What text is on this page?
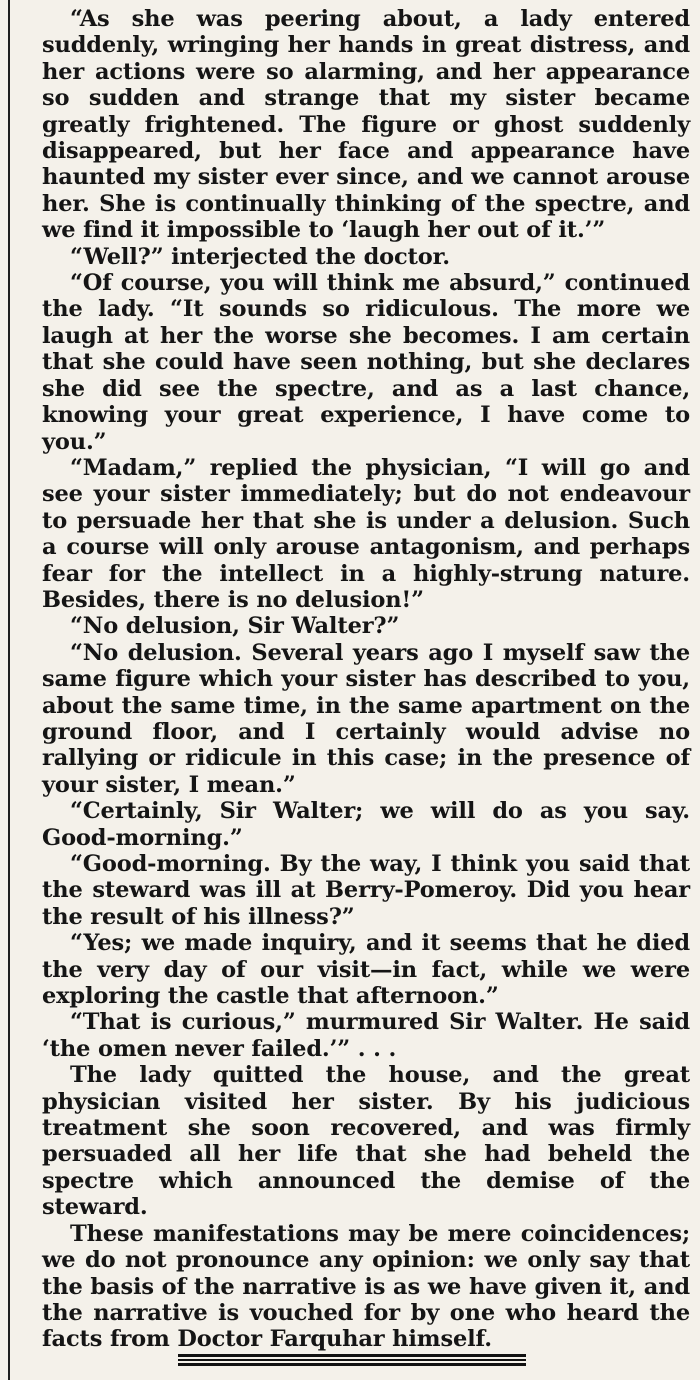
“As she was peering about, a lady entered suddenly, wringing her hands in great distress, and her actions were so alarming, and her appearance so sudden and strange that my sister became greatly frightened. The figure or ghost suddenly disappeared, but her face and appearance have haunted my sister ever since, and we cannot arouse her. She is continually thinking of the spectre, and we find it impossible to ‘laugh her out of it.’”

“Well?” interjected the doctor.

“Of course, you will think me absurd,” continued the lady. “It sounds so ridiculous. The more we laugh at her the worse she becomes. I am certain that she could have seen nothing, but she declares she did see the spectre, and as a last chance, knowing your great experience, I have come to you.”

“Madam,” replied the physician, “I will go and see your sister immediately; but do not endeavour to persuade her that she is under a delusion. Such a course will only arouse antagonism, and perhaps fear for the intellect in a highly-strung nature. Besides, there is no delusion!”

“No delusion, Sir Walter?”

“No delusion. Several years ago I myself saw the same figure which your sister has described to you, about the same time, in the same apartment on the ground floor, and I certainly would advise no rallying or ridicule in this case; in the presence of your sister, I mean.”

“Certainly, Sir Walter; we will do as you say. Good-morning.”

“Good-morning. By the way, I think you said that the steward was ill at Berry-Pomeroy. Did you hear the result of his illness?”

“Yes; we made inquiry, and it seems that he died the very day of our visit—in fact, while we were exploring the castle that afternoon.”

“That is curious,” murmured Sir Walter. He said ‘the omen never failed.’” . . .

The lady quitted the house, and the great physician visited her sister. By his judicious treatment she soon recovered, and was firmly persuaded all her life that she had beheld the spectre which announced the demise of the steward.

These manifestations may be mere coincidences; we do not pronounce any opinion: we only say that the basis of the narrative is as we have given it, and the narrative is vouched for by one who heard the facts from Doctor Farquhar himself.
